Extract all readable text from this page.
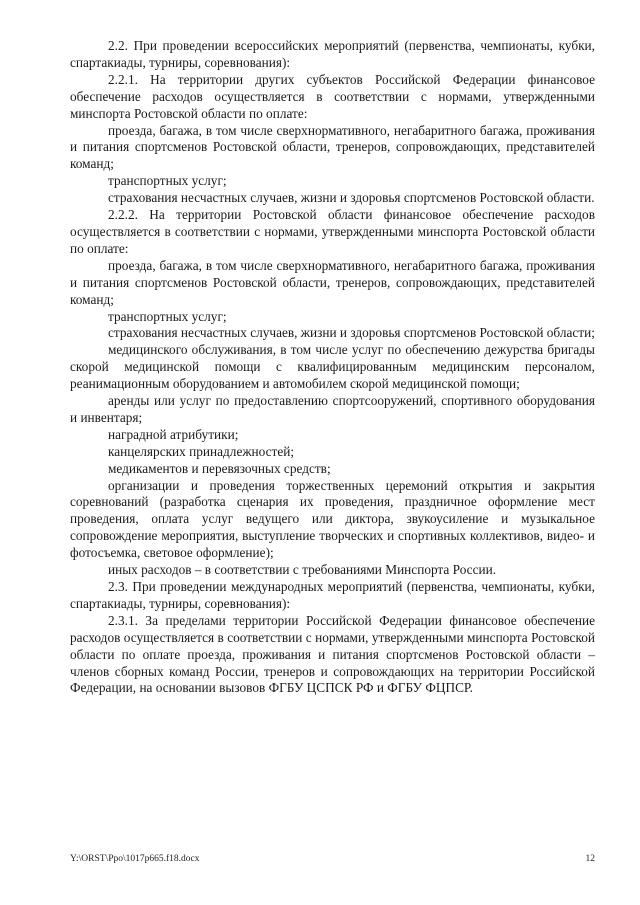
2.2. При проведении всероссийских мероприятий (первенства, чемпионаты, кубки, спартакиады, турниры, соревнования):

2.2.1. На территории других субъектов Российской Федерации финансовое обеспечение расходов осуществляется в соответствии с нормами, утвержденными минспорта Ростовской области по оплате:

проезда, багажа, в том числе сверхнормативного, негабаритного багажа, проживания и питания спортсменов Ростовской области, тренеров, сопровождающих, представителей команд;

транспортных услуг;

страхования несчастных случаев, жизни и здоровья спортсменов Ростовской области.

2.2.2. На территории Ростовской области финансовое обеспечение расходов осуществляется в соответствии с нормами, утвержденными минспорта Ростовской области по оплате:

проезда, багажа, в том числе сверхнормативного, негабаритного багажа, проживания и питания спортсменов Ростовской области, тренеров, сопровождающих, представителей команд;

транспортных услуг;

страхования несчастных случаев, жизни и здоровья спортсменов Ростовской области;

медицинского обслуживания, в том числе услуг по обеспечению дежурства бригады скорой медицинской помощи с квалифицированным медицинским персоналом, реанимационным оборудованием и автомобилем скорой медицинской помощи;

аренды или услуг по предоставлению спортсооружений, спортивного оборудования и инвентаря;

наградной атрибутики;

канцелярских принадлежностей;

медикаментов и перевязочных средств;

организации и проведения торжественных церемоний открытия и закрытия соревнований (разработка сценария их проведения, праздничное оформление мест проведения, оплата услуг ведущего или диктора, звукоусиление и музыкальное сопровождение мероприятия, выступление творческих и спортивных коллективов, видео- и фотосъемка, световое оформление);

иных расходов – в соответствии с требованиями Минспорта России.

2.3. При проведении международных мероприятий (первенства, чемпионаты, кубки, спартакиады, турниры, соревнования):

2.3.1. За пределами территории Российской Федерации финансовое обеспечение расходов осуществляется в соответствии с нормами, утвержденными минспорта Ростовской области по оплате проезда, проживания и питания спортсменов Ростовской области – членов сборных команд России, тренеров и сопровождающих на территории Российской Федерации, на основании вызовов ФГБУ ЦСПСК РФ и ФГБУ ФЦПСР.

Y:\ORST\Ppo\1017p665.f18.docx	12
